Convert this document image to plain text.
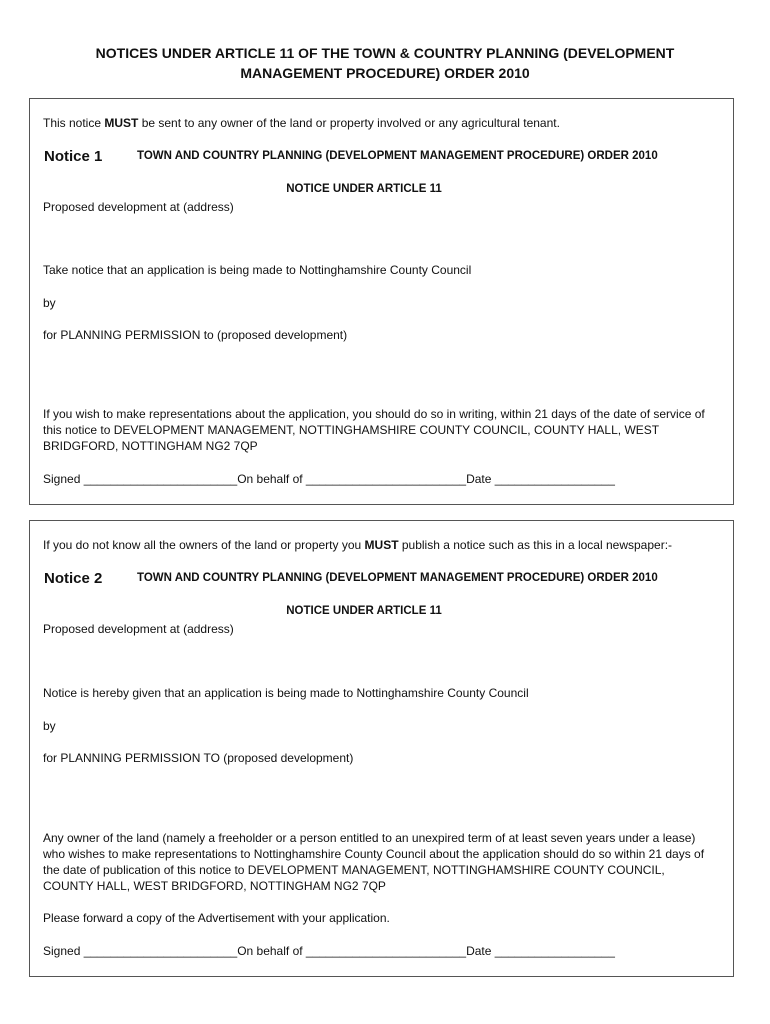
NOTICES UNDER ARTICLE 11 OF THE TOWN & COUNTRY PLANNING (DEVELOPMENT
MANAGEMENT PROCEDURE) ORDER 2010
This notice MUST be sent to any owner of the land or property involved or any agricultural tenant.
Notice 1	TOWN AND COUNTRY PLANNING (DEVELOPMENT MANAGEMENT PROCEDURE) ORDER 2010
NOTICE UNDER ARTICLE 11
Proposed development at (address)
Take notice that an application is being made to Nottinghamshire County Council
by
for PLANNING PERMISSION to (proposed development)
If you wish to make representations about the application, you should do so in writing, within 21 days of the date of service of this notice to DEVELOPMENT MANAGEMENT, NOTTINGHAMSHIRE COUNTY COUNCIL, COUNTY HALL, WEST BRIDGFORD, NOTTINGHAM NG2 7QP
Signed _______________________On behalf of ________________________Date __________________
If you do not know all the owners of the land or property you MUST publish a notice such as this in a local newspaper:-
Notice 2	TOWN AND COUNTRY PLANNING (DEVELOPMENT MANAGEMENT PROCEDURE) ORDER 2010
NOTICE UNDER ARTICLE 11
Proposed development at (address)
Notice is hereby given that an application is being made to Nottinghamshire County Council
by
for PLANNING PERMISSION TO (proposed development)
Any owner of the land (namely a freeholder or a person entitled to an unexpired term of at least seven years under a lease) who wishes to make representations to Nottinghamshire County Council about the application should do so within 21 days of the date of publication of this notice to DEVELOPMENT MANAGEMENT, NOTTINGHAMSHIRE COUNTY COUNCIL, COUNTY HALL, WEST BRIDGFORD, NOTTINGHAM NG2 7QP
Please forward a copy of the Advertisement with your application.
Signed _______________________On behalf of ________________________Date __________________
